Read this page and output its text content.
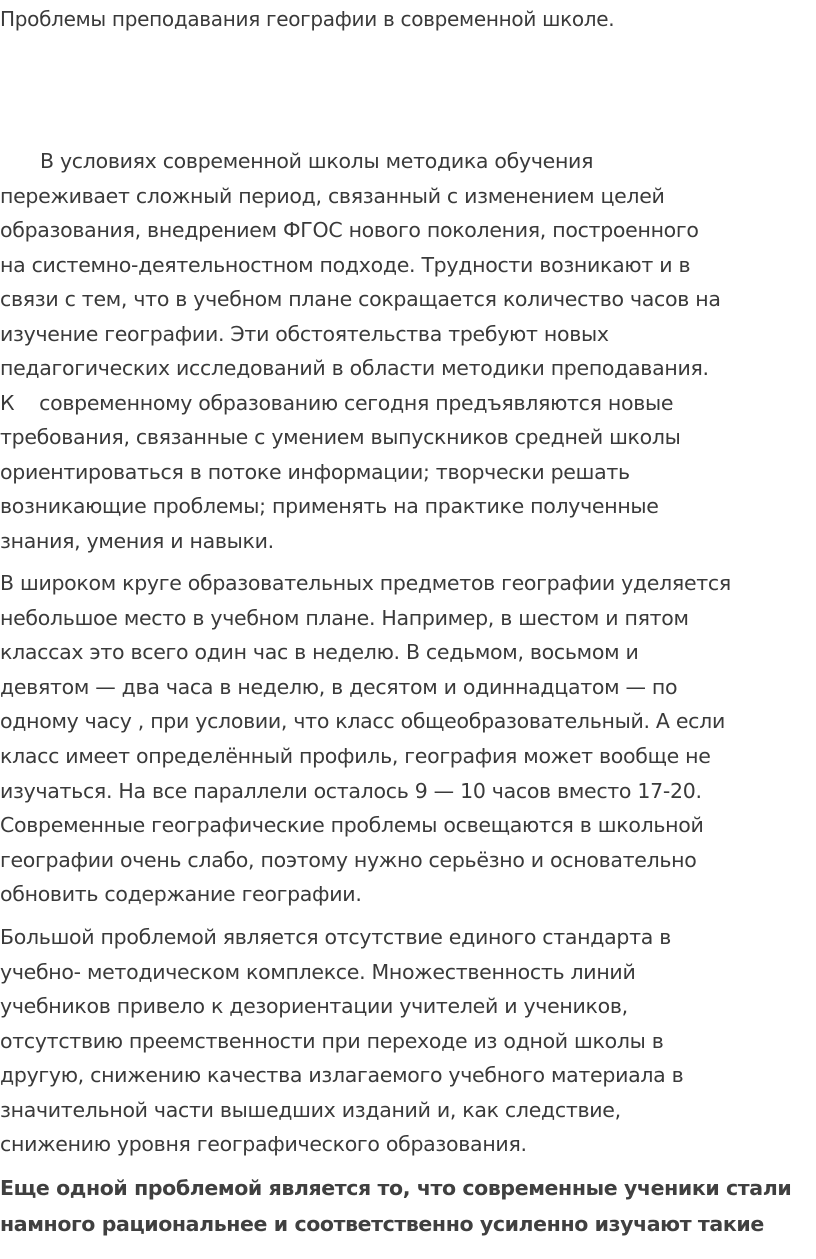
Проблемы преподавания географии в современной школе.

В условиях современной школы методика обучения
переживает сложный период, связанный с изменением целей
образования, внедрением ФГОС нового поколения, построенного
на системно-деятельностном подходе. Трудности возникают и в
связи с тем, что в учебном плане сокращается количество часов на
изучение географии. Эти обстоятельства требуют новых
педагогических исследований в области методики преподавания.
К    современному образованию сегодня предъявляются новые
требования, связанные с умением выпускников средней школы
ориентироваться в потоке информации; творчески решать
возникающие проблемы; применять на практике полученные
знания, умения и навыки.

В широком круге образовательных предметов географии уделяется
небольшое место в учебном плане. Например, в шестом и пятом
классах это всего один час в неделю. В седьмом, восьмом и
девятом — два часа в неделю, в десятом и одиннадцатом — по
одному часу , при условии, что класс общеобразовательный. А если
класс имеет определённый профиль, география может вообще не
изучаться. На все параллели осталось 9 — 10 часов вместо 17-20.
Современные географические проблемы освещаются в школьной
географии очень слабо, поэтому нужно серьёзно и основательно
обновить содержание географии.

Большой проблемой является отсутствие единого стандарта в
учебно- методическом комплексе. Множественность линий
учебников привело к дезориентации учителей и учеников,
отсутствию преемственности при переходе из одной школы в
другую, снижению качества излагаемого учебного материала в
значительной части вышедших изданий и, как следствие,
снижению уровня географического образования.

Еще одной проблемой является то, что современные ученики стали
намного рациональнее и соответственно усиленно изучают такие
